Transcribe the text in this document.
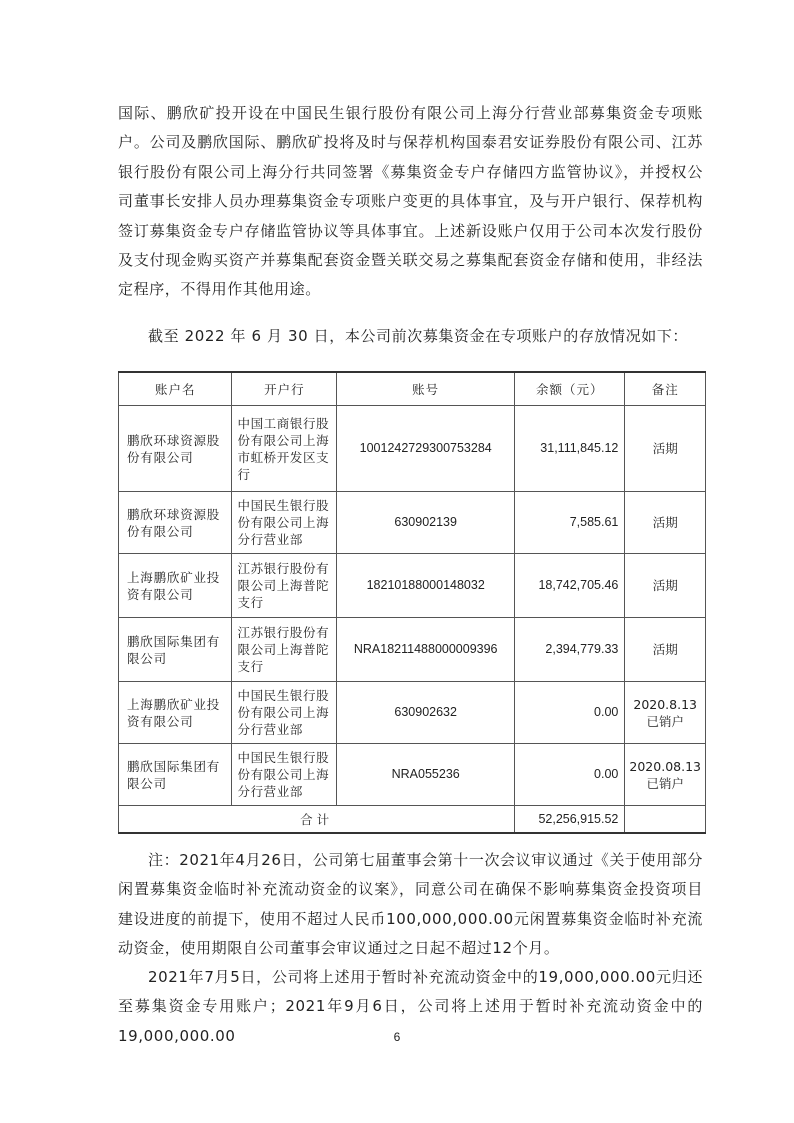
国际、鹏欣矿投开设在中国民生银行股份有限公司上海分行营业部募集资金专项账户。公司及鹏欣国际、鹏欣矿投将及时与保荐机构国泰君安证券股份有限公司、江苏银行股份有限公司上海分行共同签署《募集资金专户存储四方监管协议》，并授权公司董事长安排人员办理募集资金专项账户变更的具体事宜，及与开户银行、保荐机构签订募集资金专户存储监管协议等具体事宜。上述新设账户仅用于公司本次发行股份及支付现金购买资产并募集配套资金暨关联交易之募集配套资金存储和使用，非经法定程序，不得用作其他用途。

截至 2022 年 6 月 30 日，本公司前次募集资金在专项账户的存放情况如下：

账户名	开户行	账号	余额（元）	备注
鹏欣环球资源股份有限公司	中国工商银行股份有限公司上海市虹桥开发区支行	1001242729300753284	31,111,845.12	活期
鹏欣环球资源股份有限公司	中国民生银行股份有限公司上海分行营业部	630902139	7,585.61	活期
上海鹏欣矿业投资有限公司	江苏银行股份有限公司上海普陀支行	18210188000148032	18,742,705.46	活期
鹏欣国际集团有限公司	江苏银行股份有限公司上海普陀支行	NRA18211488000009396	2,394,779.33	活期
上海鹏欣矿业投资有限公司	中国民生银行股份有限公司上海分行营业部	630902632	0.00	2020.8.13已销户
鹏欣国际集团有限公司	中国民生银行股份有限公司上海分行营业部	NRA055236	0.00	2020.08.13已销户
合计			52,256,915.52	

注：2021年4月26日，公司第七届董事会第十一次会议审议通过《关于使用部分闲置募集资金临时补充流动资金的议案》，同意公司在确保不影响募集资金投资项目建设进度的前提下，使用不超过人民币100,000,000.00元闲置募集资金临时补充流动资金，使用期限自公司董事会审议通过之日起不超过12个月。

2021年7月5日，公司将上述用于暂时补充流动资金中的19,000,000.00元归还至募集资金专用账户；2021年9月6日，公司将上述用于暂时补充流动资金中的19,000,000.00	6
